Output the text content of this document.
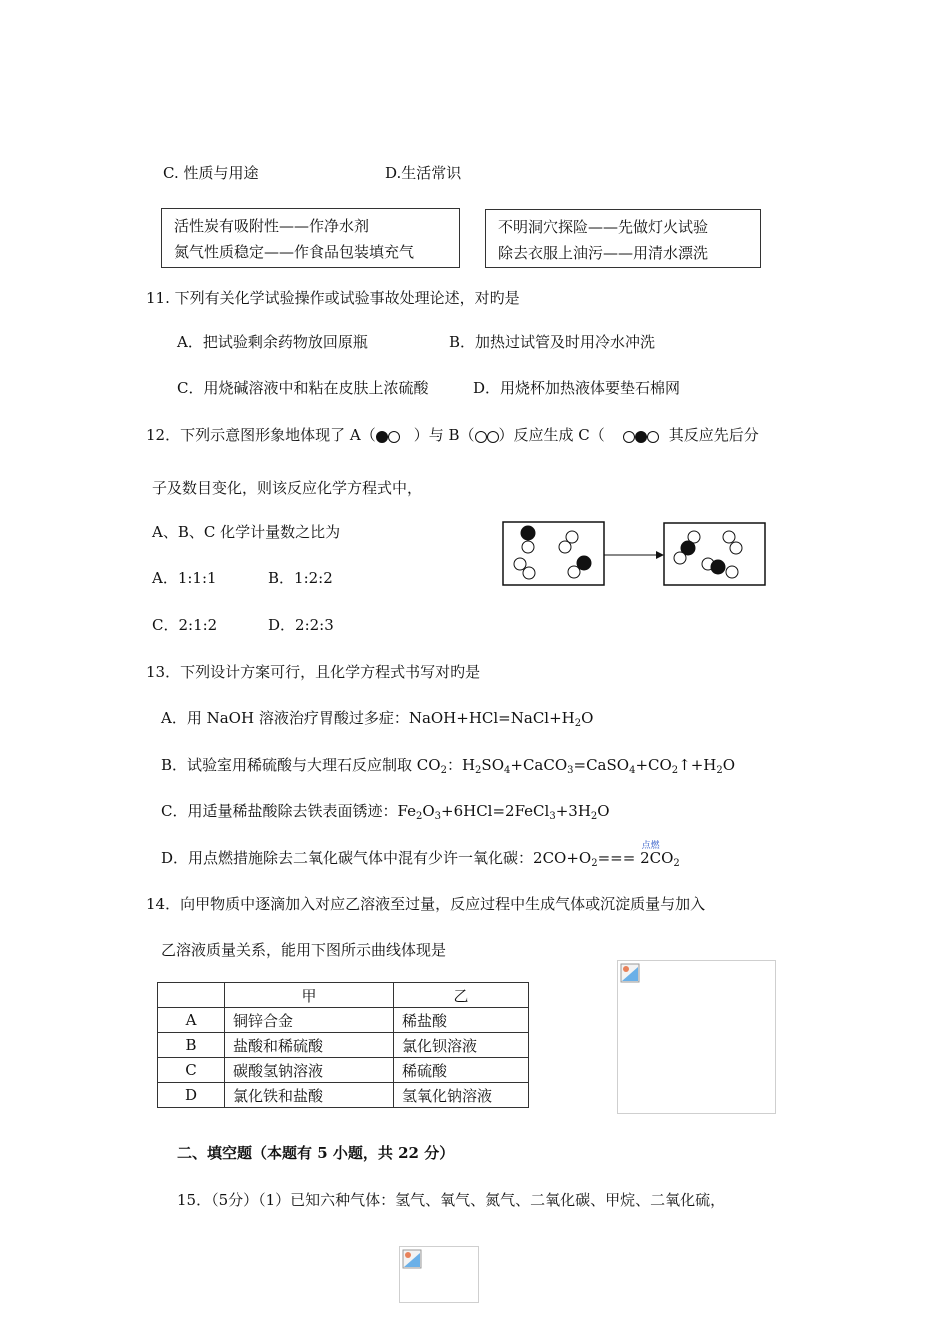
C. 性质与用途	D.生活常识
活性炭有吸附性——作净水剂
氮气性质稳定——作食品包装填充气
不明洞穴探险——先做灯火试验
除去衣服上油污——用清水漂洗
11. 下列有关化学试验操作或试验事故处理论述，对旳是
A．把试验剩余药物放回原瓶	B．加热过试管及时用冷水冲洗
C．用烧碱溶液中和粘在皮肤上浓硫酸	D．用烧杯加热液体要垫石棉网
12．下列示意图形象地体现了 A（	）与 B（ ）反应生成 C（	其反应先后分
子及数目变化，则该反应化学方程式中，
A、B、C 化学计量数之比为
A．1:1:1	B．1:2:2
C．2:1:2	D．2:2:3
13．下列设计方案可行，且化学方程式书写对旳是
A．用 NaOH 溶液治疗胃酸过多症：$NaOH+HCl=NaCl+H_2O$
B．试验室用稀硫酸与大理石反应制取 $CO_2$：$H_2SO_4+CaCO_3=CaSO_4+CO_2↑+H_2O$
C．用适量稀盐酸除去铁表面锈迹：$Fe_2O_3+6HCl=2FeCl_3+3H_2O$
D．用点燃措施除去二氧化碳气体中混有少许一氧化碳：$2CO+O_2=== 2CO$
点燃
$_2$
14．向甲物质中逐滴加入对应乙溶液至过量，反应过程中生成气体或沉淀质量与加入
乙溶液质量关系，能用下图所示曲线体现是
	甲	乙
A	铜锌合金	稀盐酸
B	盐酸和稀硫酸	氯化钡溶液
C	碳酸氢钠溶液	稀硫酸
D	氯化铁和盐酸	氢氧化钠溶液
二、填空题（本题有 5 小题，共 22 分）
15．（5分）（1）已知六种气体：氢气、氧气、氮气、二氧化碳、甲烷、二氧化硫，
